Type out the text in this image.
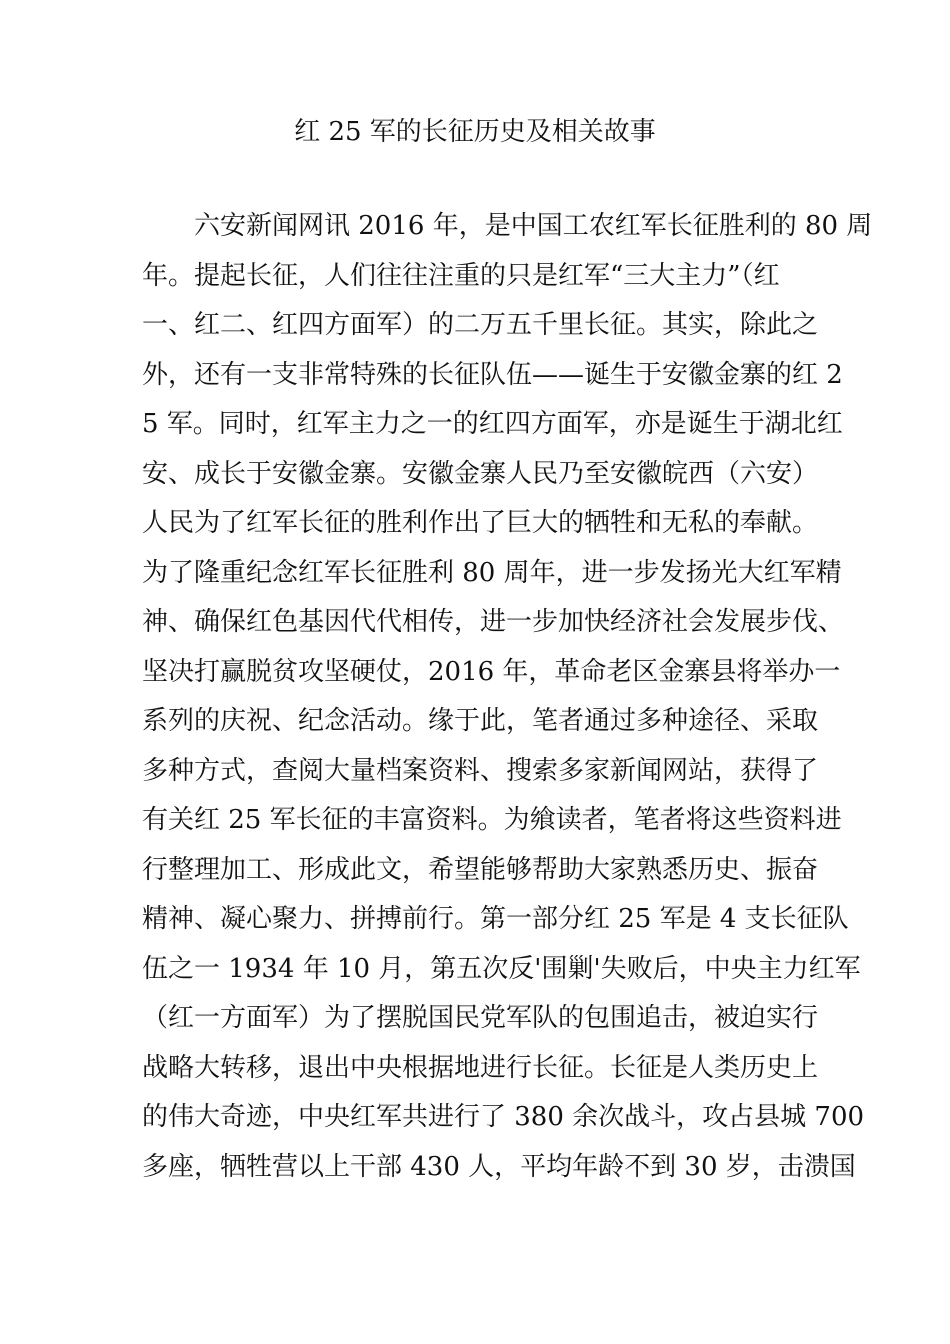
红 25 军的长征历史及相关故事
　　六安新闻网讯 2016 年，是中国工农红军长征胜利的 80 周
年。提起长征，人们往往注重的只是红军“三大主力”（红
一、红二、红四方面军）的二万五千里长征。其实，除此之
外，还有一支非常特殊的长征队伍——诞生于安徽金寨的红 2
5 军。同时，红军主力之一的红四方面军，亦是诞生于湖北红
安、成长于安徽金寨。安徽金寨人民乃至安徽皖西（六安）
人民为了红军长征的胜利作出了巨大的牺牲和无私的奉献。
为了隆重纪念红军长征胜利 80 周年，进一步发扬光大红军精
神、确保红色基因代代相传，进一步加快经济社会发展步伐、
坚决打赢脱贫攻坚硬仗，2016 年，革命老区金寨县将举办一
系列的庆祝、纪念活动。缘于此，笔者通过多种途径、采取
多种方式，查阅大量档案资料、搜索多家新闻网站，获得了
有关红 25 军长征的丰富资料。为飨读者，笔者将这些资料进
行整理加工、形成此文，希望能够帮助大家熟悉历史、振奋
精神、凝心聚力、拼搏前行。第一部分红 25 军是 4 支长征队
伍之一 1934 年 10 月，第五次反'围剿'失败后，中央主力红军
（红一方面军）为了摆脱国民党军队的包围追击，被迫实行
战略大转移，退出中央根据地进行长征。长征是人类历史上
的伟大奇迹，中央红军共进行了 380 余次战斗，攻占县城 700
多座，牺牲营以上干部 430 人，平均年龄不到 30 岁，击溃国
